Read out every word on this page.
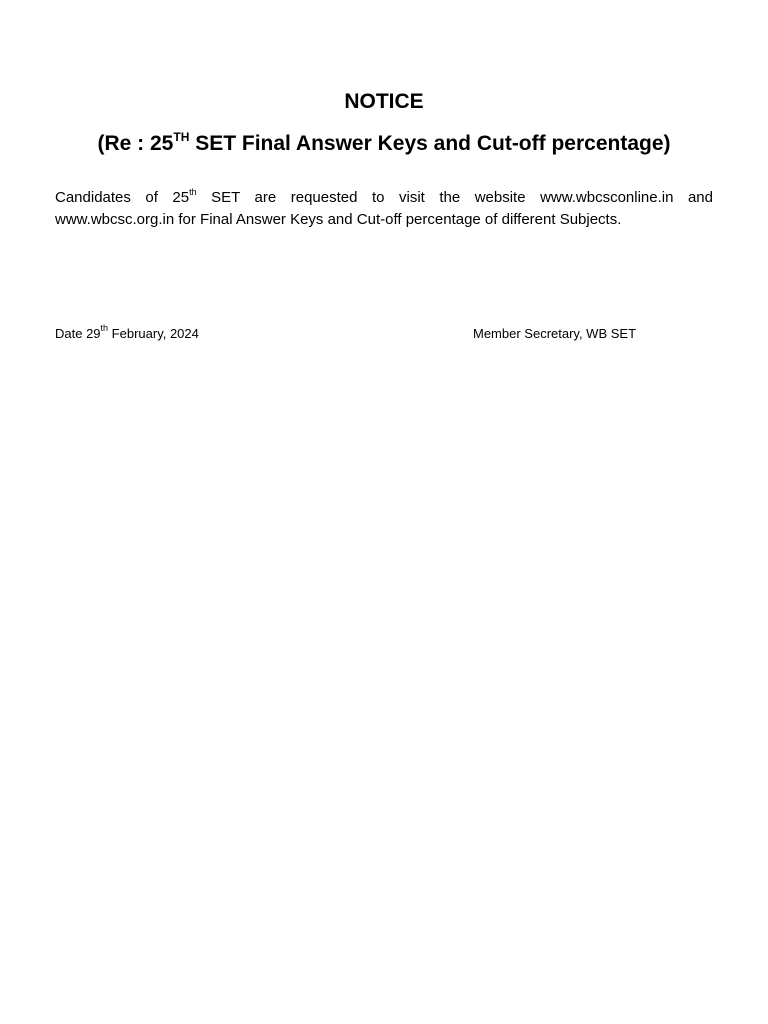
NOTICE
(Re : 25TH SET Final Answer Keys and Cut-off percentage)
Candidates of 25th SET are requested to visit the website www.wbcsconline.in and
www.wbcsc.org.in for Final Answer Keys and Cut-off percentage of different Subjects.
Date 29th February, 2024	Member Secretary, WB SET
